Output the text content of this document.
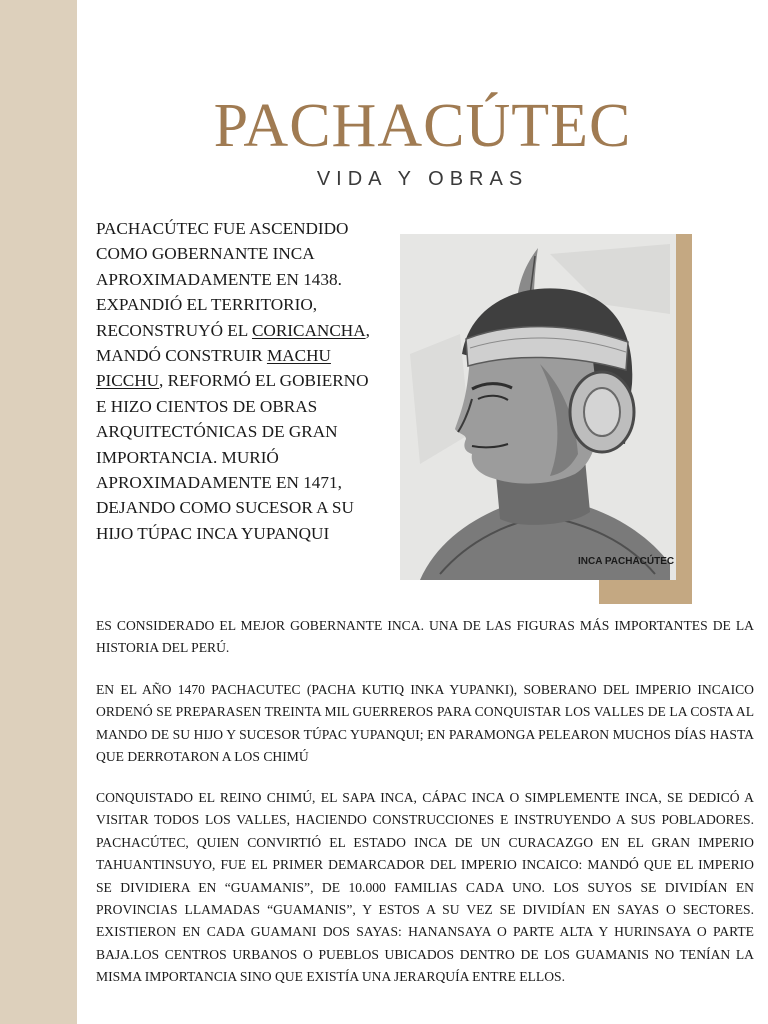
PACHACÚTEC
VIDA Y OBRAS
PACHACÚTEC FUE ASCENDIDO COMO GOBERNANTE INCA APROXIMADAMENTE EN 1438. EXPANDIÓ EL TERRITORIO, RECONSTRUYÓ EL CORICANCHA, MANDÓ CONSTRUIR MACHU PICCHU, REFORMÓ EL GOBIERNO E HIZO CIENTOS DE OBRAS ARQUITECTÓNICAS DE GRAN IMPORTANCIA. MURIÓ APROXIMADAMENTE EN 1471, DEJANDO COMO SUCESOR A SU HIJO TÚPAC INCA YUPANQUI
INCA PACHACÚTEC
ES CONSIDERADO EL MEJOR GOBERNANTE INCA. UNA DE LAS FIGURAS MÁS IMPORTANTES DE LA HISTORIA DEL PERÚ.
EN EL AÑO 1470 PACHACUTEC (PACHA KUTIQ INKA YUPANKI), SOBERANO DEL IMPERIO INCAICO ORDENÓ SE PREPARASEN TREINTA MIL GUERREROS PARA CONQUISTAR LOS VALLES DE LA COSTA AL MANDO DE SU HIJO Y SUCESOR TÚPAC YUPANQUI; EN PARAMONGA PELEARON MUCHOS DÍAS HASTA QUE DERROTARON A LOS CHIMÚ
CONQUISTADO EL REINO CHIMÚ, EL SAPA INCA, CÁPAC INCA O SIMPLEMENTE INCA, SE DEDICÓ A VISITAR TODOS LOS VALLES, HACIENDO CONSTRUCCIONES E INSTRUYENDO A SUS POBLADORES. PACHACÚTEC, QUIEN CONVIRTIÓ EL ESTADO INCA DE UN CURACAZGO EN EL GRAN IMPERIO TAHUANTINSUYO, FUE EL PRIMER DEMARCADOR DEL IMPERIO INCAICO: MANDÓ QUE EL IMPERIO SE DIVIDIERA EN “GUAMANIS”, DE 10.000 FAMILIAS CADA UNO. LOS SUYOS SE DIVIDÍAN EN PROVINCIAS LLAMADAS “GUAMANIS”, Y ESTOS A SU VEZ SE DIVIDÍAN EN SAYAS O SECTORES. EXISTIERON EN CADA GUAMANI DOS SAYAS: HANANSAYA O PARTE ALTA Y HURINSAYA O PARTE BAJA.LOS CENTROS URBANOS O PUEBLOS UBICADOS DENTRO DE LOS GUAMANIS NO TENÍAN LA MISMA IMPORTANCIA SINO QUE EXISTÍA UNA JERARQUÍA ENTRE ELLOS.
